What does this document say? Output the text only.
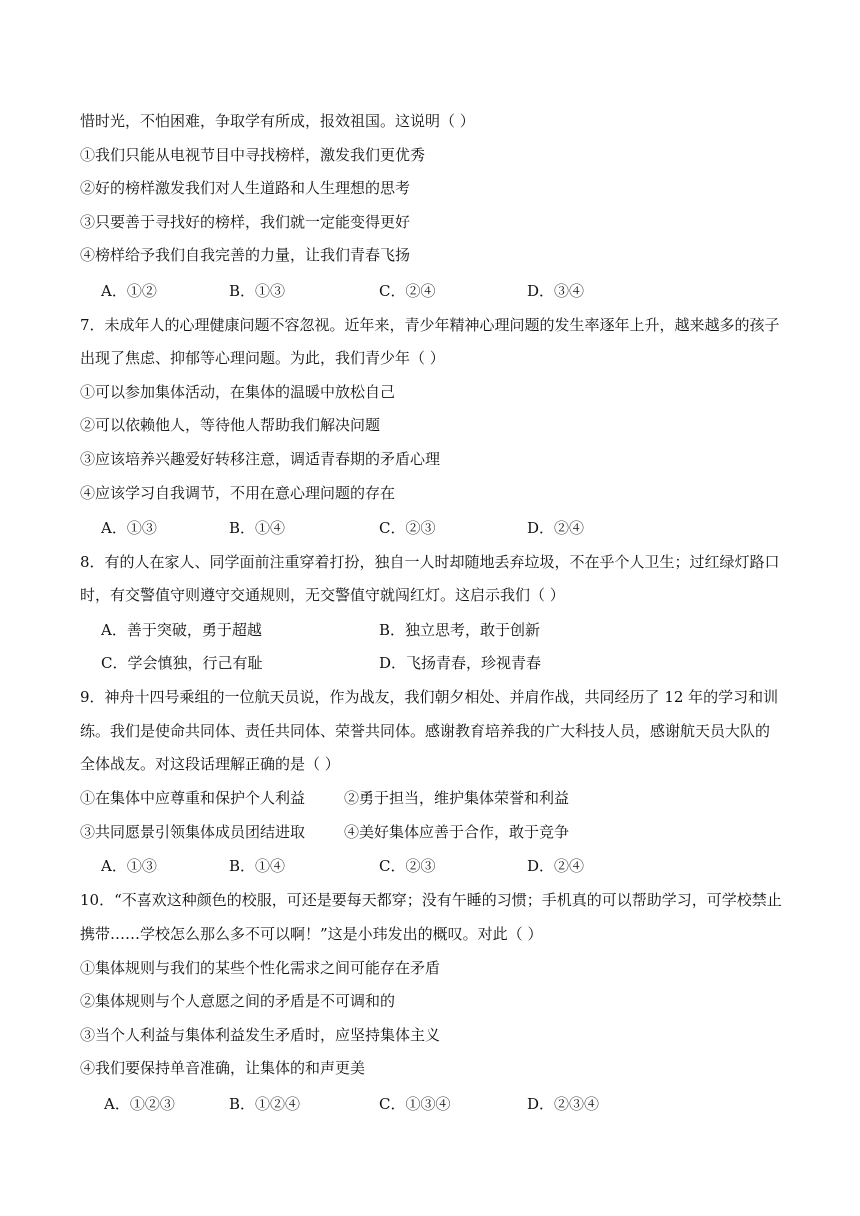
惜时光，不怕困难，争取学有所成，报效祖国。这说明（ ）
①我们只能从电视节目中寻找榜样，激发我们更优秀
②好的榜样激发我们对人生道路和人生理想的思考
③只要善于寻找好的榜样，我们就一定能变得更好
④榜样给予我们自我完善的力量，让我们青春飞扬
A．①②	B．①③	C．②④	D．③④
7．未成年人的心理健康问题不容忽视。近年来，青少年精神心理问题的发生率逐年上升，越来越多的孩子
出现了焦虑、抑郁等心理问题。为此，我们青少年（ ）
①可以参加集体活动，在集体的温暖中放松自己
②可以依赖他人，等待他人帮助我们解决问题
③应该培养兴趣爱好转移注意，调适青春期的矛盾心理
④应该学习自我调节，不用在意心理问题的存在
A．①③	B．①④	C．②③	D．②④
8．有的人在家人、同学面前注重穿着打扮，独自一人时却随地丢弃垃圾，不在乎个人卫生；过红绿灯路口
时，有交警值守则遵守交通规则，无交警值守就闯红灯。这启示我们（ ）
A．善于突破，勇于超越	B．独立思考，敢于创新
C．学会慎独，行己有耻	D．飞扬青春，珍视青春
9．神舟十四号乘组的一位航天员说，作为战友，我们朝夕相处、并肩作战，共同经历了 12 年的学习和训
练。我们是使命共同体、责任共同体、荣誉共同体。感谢教育培养我的广大科技人员，感谢航天员大队的
全体战友。对这段话理解正确的是（ ）
①在集体中应尊重和保护个人利益	②勇于担当，维护集体荣誉和利益
③共同愿景引领集体成员团结进取	④美好集体应善于合作，敢于竞争
A．①③	B．①④	C．②③	D．②④
10．“不喜欢这种颜色的校服，可还是要每天都穿；没有午睡的习惯；手机真的可以帮助学习，可学校禁止
携带……学校怎么那么多不可以啊！”这是小玮发出的概叹。对此（ ）
①集体规则与我们的某些个性化需求之间可能存在矛盾
②集体规则与个人意愿之间的矛盾是不可调和的
③当个人利益与集体利益发生矛盾时，应坚持集体主义
④我们要保持单音准确，让集体的和声更美
A．①②③	B．①②④	C．①③④	D．②③④
